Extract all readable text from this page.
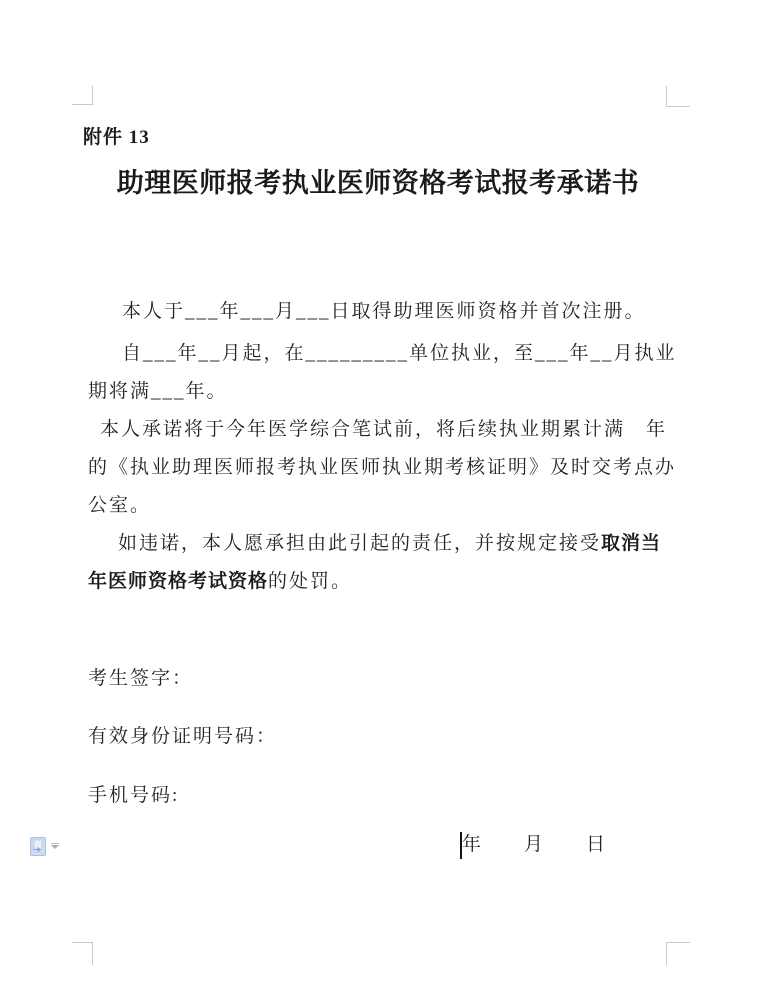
附件 13
助理医师报考执业医师资格考试报考承诺书
本人于___年___月___日取得助理医师资格并首次注册。
自___年__月起，在_________单位执业，至___年__月执业
期将满___年。
本人承诺将于今年医学综合笔试前，将后续执业期累计满　年
的《执业助理医师报考执业医师执业期考核证明》及时交考点办
公室。
如违诺，本人愿承担由此引起的责任，并按规定接受取消当
年医师资格考试资格的处罚。
考生签字：
有效身份证明号码：
手机号码:
年 月 日
